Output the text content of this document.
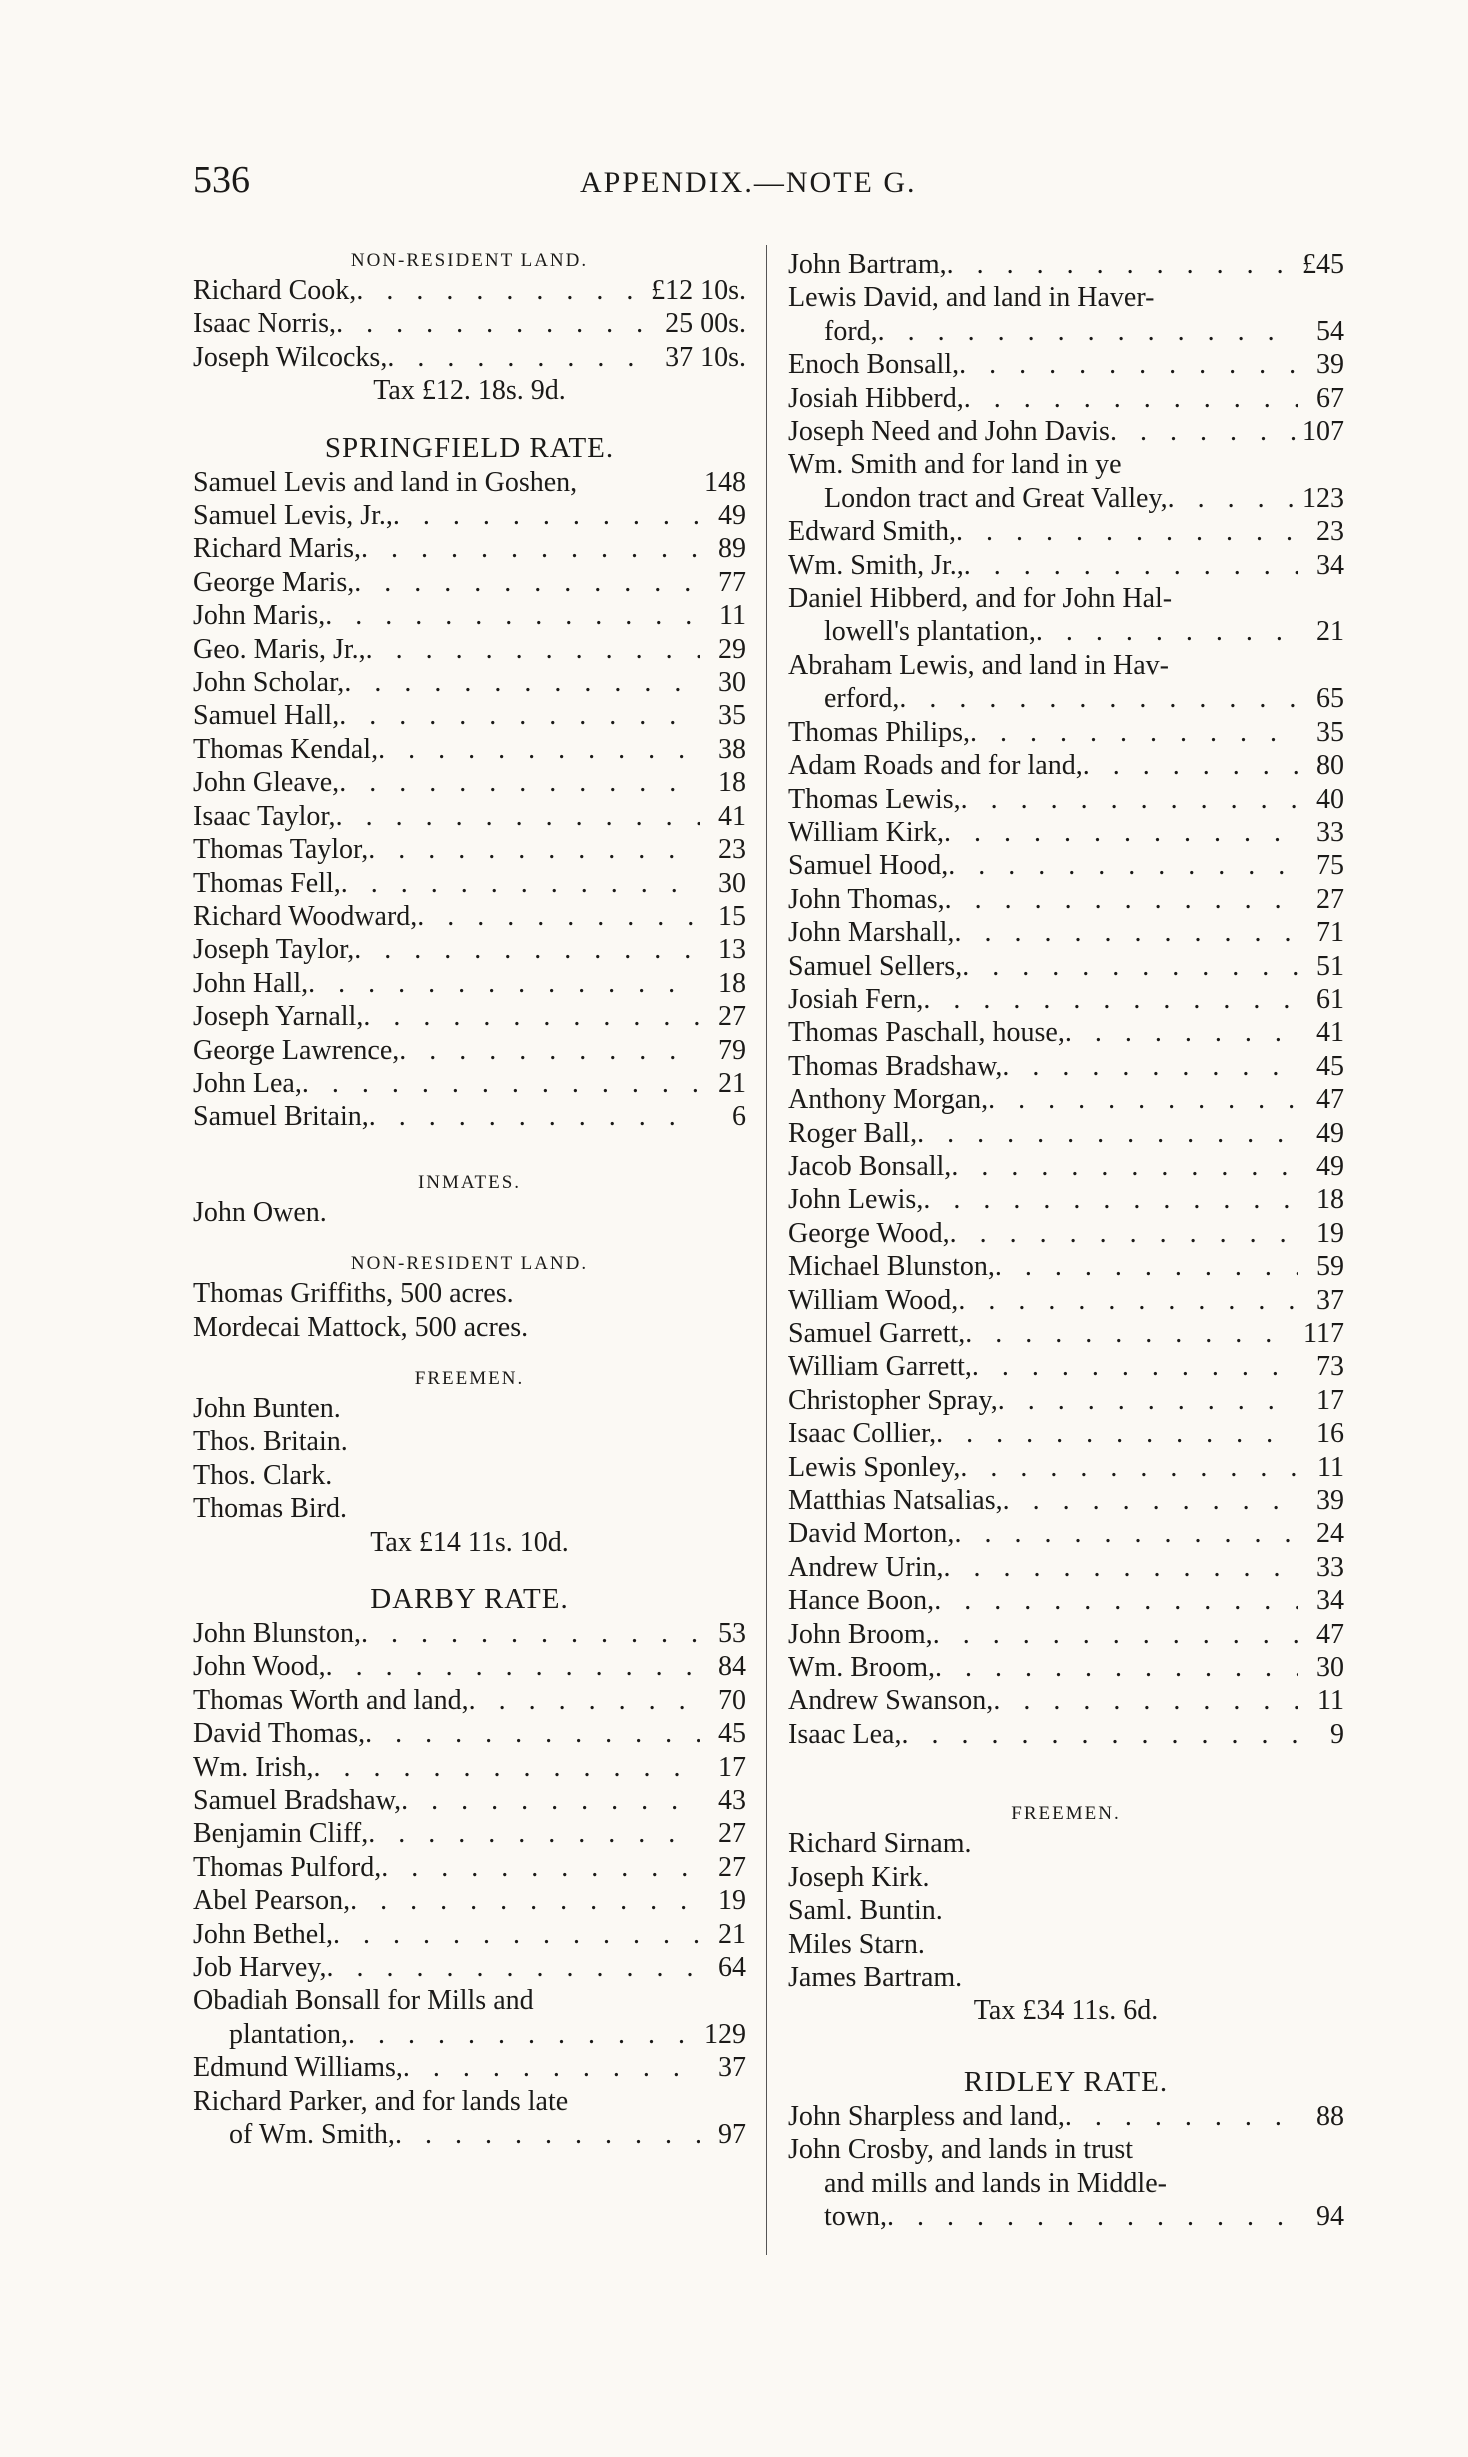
536	APPENDIX.—NOTE G.
NON-RESIDENT LAND.
Richard Cook, . .	£12 10s.
Isaac Norris, . .	25 00s.
Joseph Wilcocks, . .	37 10s.
Tax £12. 18s. 9d.
SPRINGFIELD RATE.
Samuel Levis and land in Goshen,	148
Samuel Levis, Jr., . .	49
Richard Maris, . .	89
George Maris, . .	77
John Maris, . .	11
Geo. Maris, Jr., . .	29
John Scholar, . .	30
Samuel Hall, . .	35
Thomas Kendal, . .	38
John Gleave, . .	18
Isaac Taylor, . .	41
Thomas Taylor, . .	23
Thomas Fell, . .	30
Richard Woodward, . .	15
Joseph Taylor, . .	13
John Hall, . .	18
Joseph Yarnall, . .	27
George Lawrence, . .	79
John Lea, . .	21
Samuel Britain, . .	6
INMATES.
John Owen.
NON-RESIDENT LAND.
Thomas Griffiths, 500 acres.
Mordecai Mattock, 500 acres.
FREEMEN.
John Bunten.
Thos. Britain.
Thos. Clark.
Thomas Bird.
Tax £14 11s. 10d.
DARBY RATE.
John Blunston, . .	53
John Wood, . .	84
Thomas Worth and land, . .	70
David Thomas, . .	45
Wm. Irish, . .	17
Samuel Bradshaw, . .	43
Benjamin Cliff, . .	27
Thomas Pulford, . .	27
Abel Pearson, . .	19
John Bethel, . .	21
Job Harvey, . .	64
Obadiah Bonsall for Mills and
plantation, . .	129
Edmund Williams, . .	37
Richard Parker, and for lands late
of Wm. Smith, . .	97
John Bartram, . .	£45
Lewis David, and land in Haver-
ford, . .	54
Enoch Bonsall, . .	39
Josiah Hibberd, . .	67
Joseph Need and John Davis . .	107
Wm. Smith and for land in ye
London tract and Great Valley, . .	123
Edward Smith, . .	23
Wm. Smith, Jr., . .	34
Daniel Hibberd, and for John Hal-
lowell's plantation, . .	21
Abraham Lewis, and land in Hav-
erford, . .	65
Thomas Philips, . .	35
Adam Roads and for land, . .	80
Thomas Lewis, . .	40
William Kirk, . .	33
Samuel Hood, . .	75
John Thomas, . .	27
John Marshall, . .	71
Samuel Sellers, . .	51
Josiah Fern, . .	61
Thomas Paschall, house, . .	41
Thomas Bradshaw, . .	45
Anthony Morgan, . .	47
Roger Ball, . .	49
Jacob Bonsall, . .	49
John Lewis, . .	18
George Wood, . .	19
Michael Blunston, . .	59
William Wood, . .	37
Samuel Garrett, . .	117
William Garrett, . .	73
Christopher Spray, . .	17
Isaac Collier, . .	16
Lewis Sponley, . .	11
Matthias Natsalias, . .	39
David Morton, . .	24
Andrew Urin, . .	33
Hance Boon, . .	34
John Broom, . .	47
Wm. Broom, . .	30
Andrew Swanson, . .	11
Isaac Lea, . .	9
FREEMEN.
Richard Sirnam.
Joseph Kirk.
Saml. Buntin.
Miles Starn.
James Bartram.
Tax £34 11s. 6d.
RIDLEY RATE.
John Sharpless and land, . .	88
John Crosby, and lands in trust
and mills and lands in Middle-
town, . .	94
